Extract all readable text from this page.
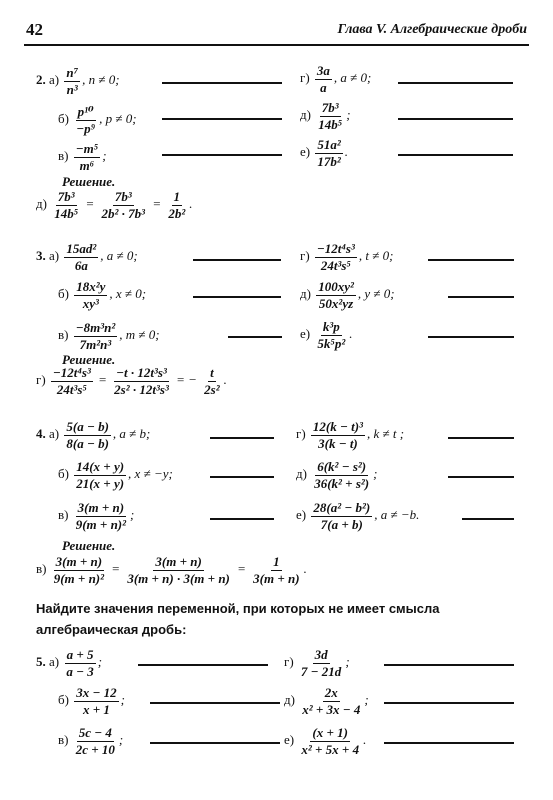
42	Глава V. Алгебраические дроби
2. $а) \frac{\text{n⁷}}{\text{n³}}$ , n ≠ 0;
$б) \frac{\text{p¹⁰}}{\text{−p⁹}}$ , p ≠ 0;
$в) \frac{\text{−m⁵}}{\text{m⁶}}$ ;
$г) \frac{3a}{a}$ , a ≠ 0;
$д) \frac{\text{7b³}}{\text{14b⁵}}$ ;
$е) \frac{\text{51a²}}{\text{17b²}}$ .
Решение.
$д) \frac{\text{7b³}}{\text{14b⁵}} = \frac{\text{7b³}}{\text{2b² · 7b³}} = \frac{1}{\text{2b²}}$ .
3. $а) \frac{\text{15ad²}}{6a}$ , a ≠ 0;
$б) \frac{\text{18x²y}}{\text{xy³}}$ , x ≠ 0;
$в) \frac{\text{−8m³n²}}{\text{7m²n³}}$ , m ≠ 0;
$г) \frac{\text{−12t⁴s³}}{\text{24t³s⁵}}$ , t ≠ 0;
$д) \frac{\text{100xy²}}{\text{50x²yz}}$ , y ≠ 0;
$е) \frac{\text{k³p}}{\text{5k⁵p²}}$ .
Решение.
$г) \frac{\text{−12t⁴s³}}{\text{24t³s⁵}} = \frac{\text{−t · 12t³s³}}{\text{2s² · 12t³s³}}$ = − $\frac{t}{\text{2s²}}$ .
4. $а) \frac{5(a - b)}{8(a - b)}$ , a ≠ b;
$б) \frac{14(x + y)}{21(x + y)}$ , x ≠ −y;
$в) \frac{3(m + n)}{\text{9(m + n)²}}$ ;
$г) \frac{\text{12(k − t)³}}{3(k - t)}$ , k ≠ t ;
$д) \frac{\text{6(k² − s²)}}{\text{36(k² + s²)}}$ ;
$е) \frac{\text{28(a² − b²)}}{7(a + b)}$ , a ≠ −b.
Решение.
$в) \frac{3(m + n)}{\text{9(m + n)²}} = \frac{3(m + n)}{3(m + n) \cdot 3(m + n)} = \frac{1}{3(m + n)}$ .
Найдите значения переменной, при которых не имеет смысла алгебраическая дробь:
5. $а) \frac{a + 5}{a - 3}$ ;
$б) \frac{3x - 12}{x + 1}$ ;
$в) \frac{5c - 4}{2c + 10}$ ;
$г) \frac{3d}{7 - 21d}$ ;
$д) \frac{2x}{\text{x² + 3x − 4}}$ ;
$е) \frac{(x + 1)}{\text{x² + 5x + 4}}$ .
